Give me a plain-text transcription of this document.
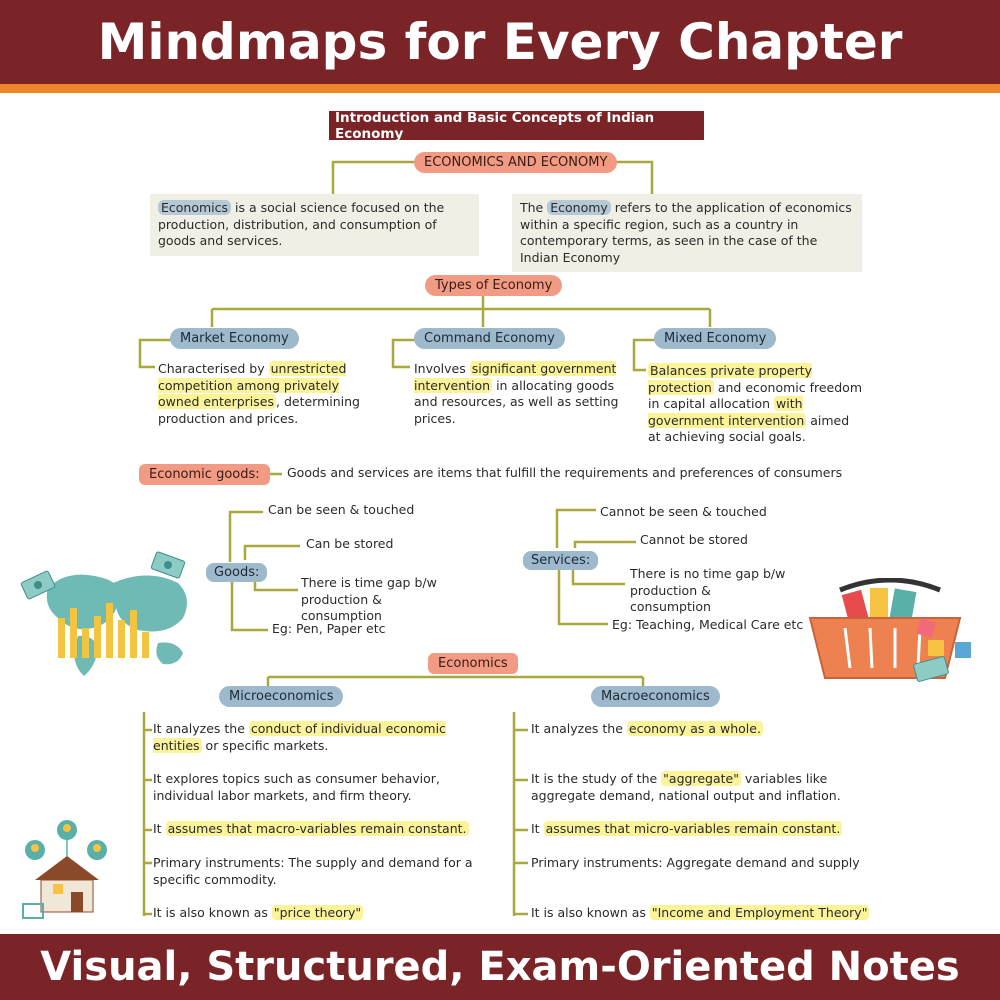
Mindmaps for Every Chapter
Introduction and Basic Concepts of Indian Economy
ECONOMICS AND ECONOMY
Economics is a social science focused on the production, distribution, and consumption of goods and services.
The Economy refers to the application of economics within a specific region, such as a country in contemporary terms, as seen in the case of the Indian Economy
Types of Economy
Market Economy	Command Economy	Mixed Economy
Characterised by unrestricted competition among privately owned enterprises , determining production and prices.
Involves significant government intervention in allocating goods and resources, as well as setting prices.
Balances private property protection and economic freedom in capital allocation with government intervention aimed at achieving social goals.
Economic goods:	Goods and services are items that fulfill the requirements and preferences of consumers
Goods:
Can be seen & touched
Can be stored
There is time gap b/w production & consumption
Eg: Pen, Paper etc
Services:
Cannot be seen & touched
Cannot be stored
There is no time gap b/w production & consumption
Eg: Teaching, Medical Care etc
Economics
Microeconomics	Macroeconomics
It analyzes the conduct of individual economic entities or specific markets.
It explores topics such as consumer behavior, individual labor markets, and firm theory.
It assumes that macro-variables remain constant.
Primary instruments: The supply and demand for a specific commodity.
It is also known as "price theory"
It analyzes the economy as a whole.
It is the study of the "aggregate" variables like aggregate demand, national output and inflation.
It assumes that micro-variables remain constant.
Primary instruments: Aggregate demand and supply
It is also known as "Income and Employment Theory"
Visual, Structured, Exam-Oriented Notes
